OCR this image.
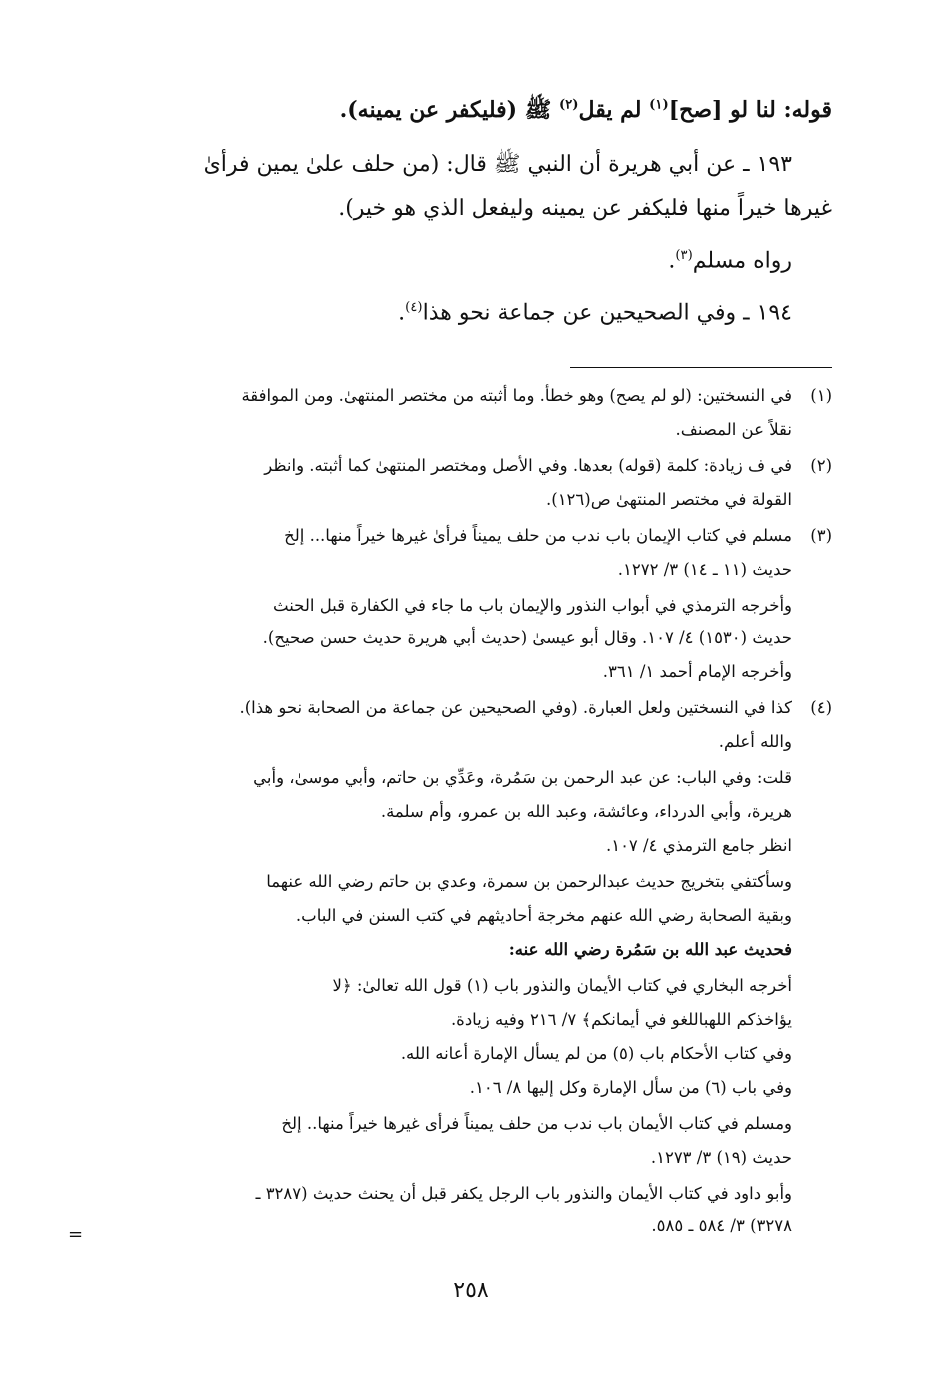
قوله: لنا لو [صح]$^{(١)}$ لم يقل$^{(٢)}$ ﷺ (فليكفر عن يمينه).
١٩٣ ـ عن أبي هريرة أن النبي ﷺ قال: (من حلف علىٰ يمين فرأىٰ
غيرها خيراً منها فليكفر عن يمينه وليفعل الذي هو خير).
رواه مسلم$^{(٣)}$.
١٩٤ ـ وفي الصحيحين عن جماعة نحو هذا$^{(٤)}$.
(١)
في النسختين: (لو لم يصح) وهو خطأ. وما أثبته من مختصر المنتهىٰ. ومن الموافقة
نقلاً عن المصنف.
(٢)
في ف زيادة: كلمة (قوله) بعدها. وفي الأصل ومختصر المنتهىٰ كما أثبته. وانظر
القولة في مختصر المنتهىٰ ص(١٢٦).
(٣)
مسلم في كتاب الإيمان باب ندب من حلف يميناً فرأىٰ غيرها خيراً منها... إلخ
حديث (١١ ـ ١٤) ٣/ ١٢٧٢.
وأخرجه الترمذي في أبواب النذور والإيمان باب ما جاء في الكفارة قبل الحنث
حديث (١٥٣٠) ٤/ ١٠٧. وقال أبو عيسىٰ (حديث أبي هريرة حديث حسن صحيح).
وأخرجه الإمام أحمد ١/ ٣٦١.
(٤)
كذا في النسختين ولعل العبارة. (وفي الصحيحين عن جماعة من الصحابة نحو هذا).
والله أعلم.
قلت: وفي الباب: عن عبد الرحمن بن سَمُرة، وعَدِّي بن حاتم، وأبي موسىٰ، وأبي
هريرة، وأبي الدرداء، وعائشة، وعبد الله بن عمرو، وأم سلمة.
انظر جامع الترمذي ٤/ ١٠٧.
وسأكتفي بتخريج حديث عبدالرحمن بن سمرة، وعدي بن حاتم رضي الله عنهما
وبقية الصحابة رضي الله عنهم مخرجة أحاديثهم في كتب السنن في الباب.
فحديث عبد الله بن سَمُرة رضي الله عنه:
أخرجه البخاري في كتاب الأيمان والنذور باب (١) قول الله تعالىٰ: ﴿لا
يؤاخذكم اللهباللغو في أيمانكم﴾ ٧/ ٢١٦ وفيه زيادة.
وفي كتاب الأحكام باب (٥) من لم يسأل الإمارة أعانه الله.
وفي باب (٦) من سأل الإمارة وكل إليها ٨/ ١٠٦.
ومسلم في كتاب الأيمان باب ندب من حلف يميناً فرأى غيرها خيراً منها.. إلخ
حديث (١٩) ٣/ ١٢٧٣.
وأبو داود في كتاب الأيمان والنذور باب الرجل يكفر قبل أن يحنث حديث (٣٢٨٧ ـ
٣٢٧٨) ٣/ ٥٨٤ ـ ٥٨٥.
=
٢٥٨
